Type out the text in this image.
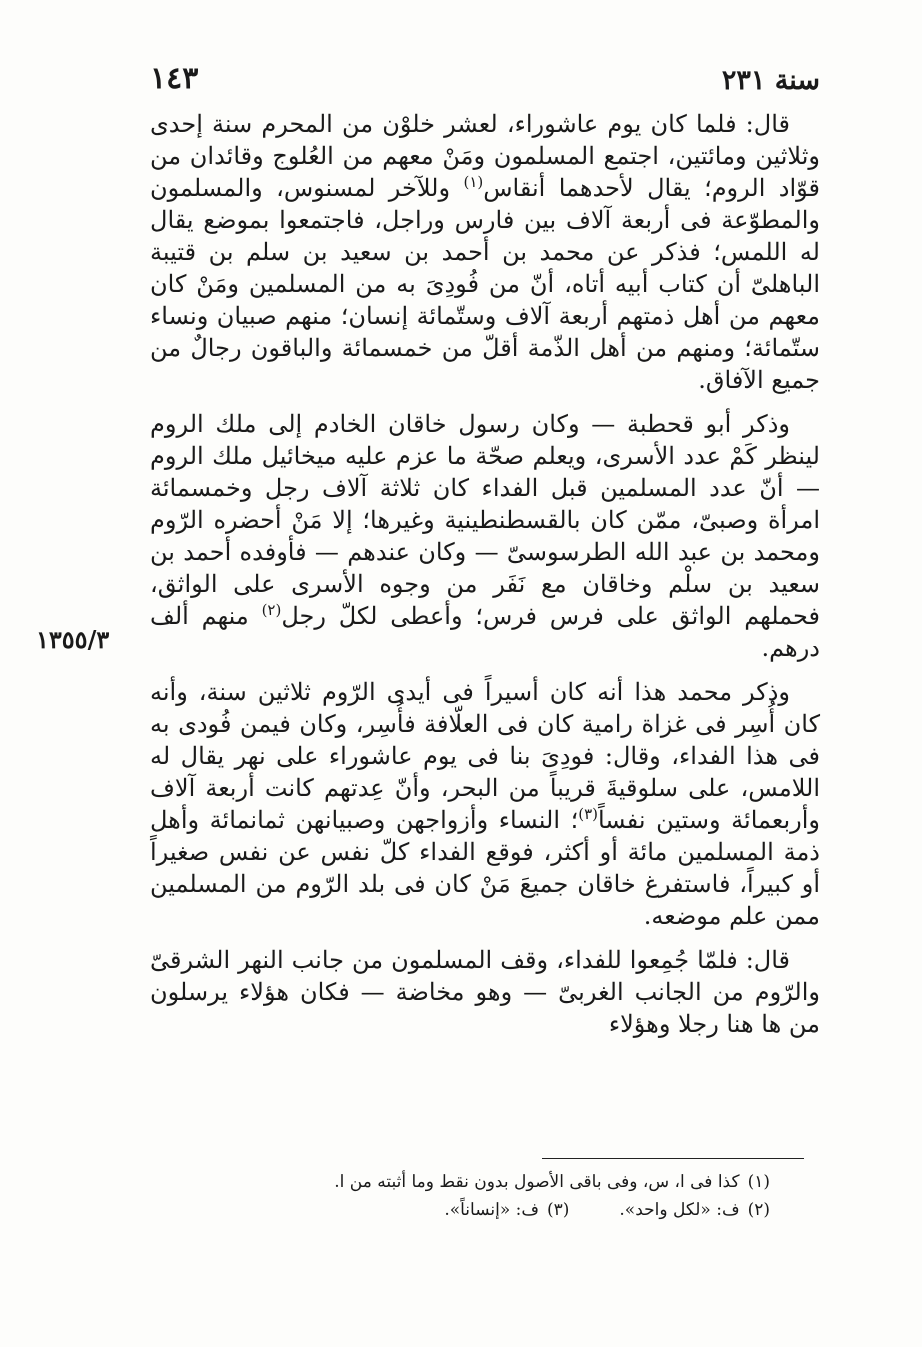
١٤٣	سنة ٢٣١
١٣٥٥/٣

قال: فلما كان يوم عاشوراء، لعشر خلوْن من المحرم سنة إحدى وثلاثين ومائتين، اجتمع المسلمون ومَنْ معهم من العُلوج وقائدان من قوّاد الروم؛ يقال لأحدهما أنقاس$^{(١)}$ وللآخر لمسنوس، والمسلمون والمطوّعة فى أربعة آلاف بين فارس وراجل، فاجتمعوا بموضع يقال له اللمس؛ فذكر عن محمد بن أحمد بن سعيد بن سلم بن قتيبة الباهلىّ أن كتاب أبيه أتاه، أنّ من فُودِىَ به من المسلمين ومَنْ كان معهم من أهل ذمتهم أربعة آلاف وستّمائة إنسان؛ منهم صبيان ونساء ستّمائة؛ ومنهم من أهل الذّمة أقلّ من خمسمائة والباقون رجالٌ من جميع الآفاق.

وذكر أبو قحطبة — وكان رسول خاقان الخادم إلى ملك الروم لينظر كَمْ عدد الأسرى، ويعلم صحّة ما عزم عليه ميخائيل ملك الروم — أنّ عدد المسلمين قبل الفداء كان ثلاثة آلاف رجل وخمسمائة امرأة وصبىّ، ممّن كان بالقسطنطينية وغيرها؛ إلا مَنْ أحضره الرّوم ومحمد بن عبد الله الطرسوسىّ — وكان عندهم — فأوفده أحمد بن سعيد بن سلْم وخاقان مع نَفَر من وجوه الأسرى على الواثق، فحملهم الواثق على فرس فرس؛ وأعطى لكلّ رجل$^{(٢)}$ منهم ألف درهم.

وذكر محمد هذا أنه كان أسيراً فى أيدى الرّوم ثلاثين سنة، وأنه كان أُسِر فى غزاة رامية كان فى العلّافة فأُسِر، وكان فيمن فُودى به فى هذا الفداء، وقال: فودِىَ بنا فى يوم عاشوراء على نهر يقال له اللامس، على سلوقيةَ قريباً من البحر، وأنّ عِدتهم كانت أربعة آلاف وأربعمائة وستين نفساً$^{(٣)}$؛ النساء وأزواجهن وصبيانهن ثمانمائة وأهل ذمة المسلمين مائة أو أكثر، فوقع الفداء كلّ نفس عن نفس صغيراً أو كبيراً، فاستفرغ خاقان جميعَ مَنْ كان فى بلد الرّوم من المسلمين ممن علم موضعه.

قال: فلمّا جُمِعوا للفداء، وقف المسلمون من جانب النهر الشرقىّ والرّوم من الجانب الغربىّ — وهو مخاضة — فكان هؤلاء يرسلون من ها هنا رجلا وهؤلاء

(١)كذا فى ا، س، وفى باقى الأصول بدون نقط وما أثبته من ا.
(٢)ف: «لكل واحد».(٣)ف: «إنساناً».
